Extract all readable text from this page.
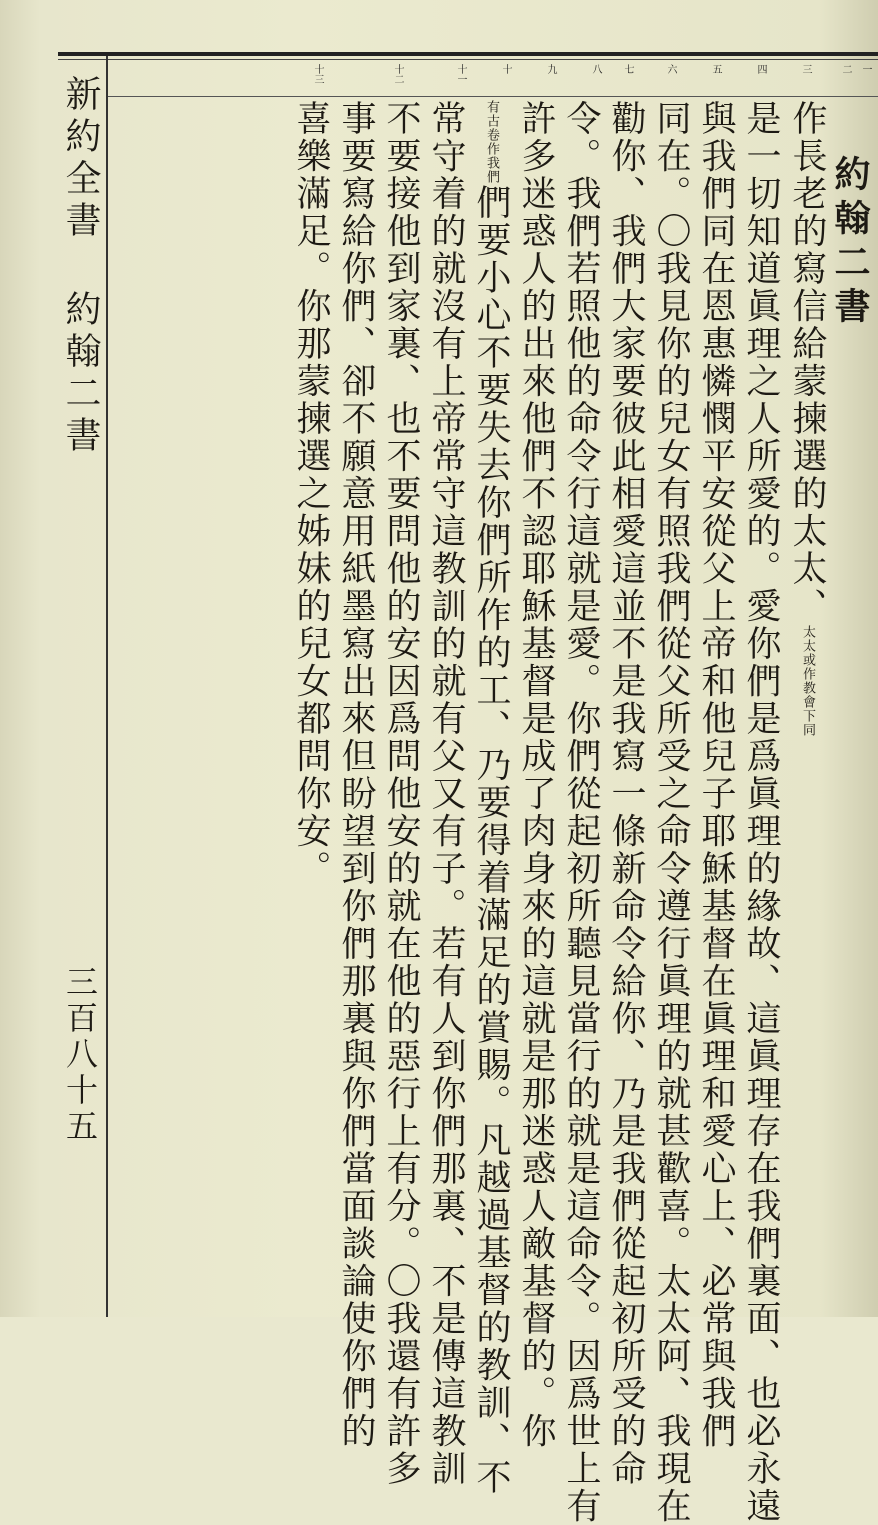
新約全書 約翰二書
三百八十五
十三	十二	十一	十	九	八 七	六	五	四	三	二 一
約翰二書
作長老的寫信給蒙揀選的太太、太太或作教會下同
是一切知道眞理之人所愛的。愛你們是爲眞理的緣故、這眞理存在我們裏面、也必永遠
與我們同在恩惠憐憫平安從父上帝和他兒子耶穌基督在眞理和愛心上、必常與我們
同在。〇我見你的兒女有照我們從父所受之命令遵行眞理的就甚歡喜。太太阿、我現在
勸你、我們大家要彼此相愛這並不是我寫一條新命令給你、乃是我們從起初所受的命
令。我們若照他的命令行這就是愛。你們從起初所聽見當行的就是這命令。因爲世上有
許多迷惑人的出來他們不認耶穌基督是成了肉身來的這就是那迷惑人敵基督的。你
有古卷作我們們要小心不要失去你們所作的工、乃要得着滿足的賞賜。凡越過基督的教訓、不
常守着的就沒有上帝常守這教訓的就有父又有子。若有人到你們那裏、不是傳這教訓
不要接他到家裏、也不要問他的安因爲問他安的就在他的惡行上有分。〇我還有許多
事要寫給你們、卻不願意用紙墨寫出來但盼望到你們那裏與你們當面談論使你們的
喜樂滿足。你那蒙揀選之姊妹的兒女都問你安。
